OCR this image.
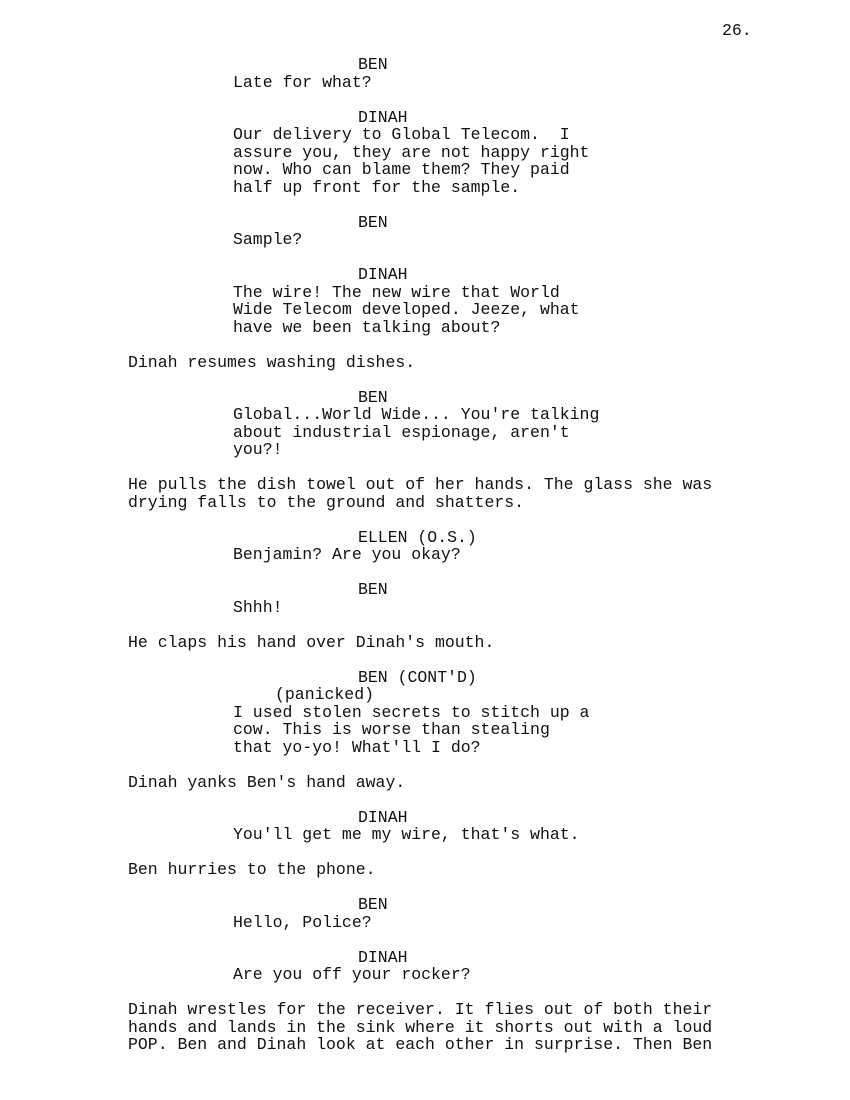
26.
BEN
Late for what?
DINAH
Our delivery to Global Telecom.  I
assure you, they are not happy right
now. Who can blame them? They paid
half up front for the sample.
BEN
Sample?
DINAH
The wire! The new wire that World
Wide Telecom developed. Jeeze, what
have we been talking about?
Dinah resumes washing dishes.
BEN
Global...World Wide... You're talking
about industrial espionage, aren't
you?!
He pulls the dish towel out of her hands. The glass she was
drying falls to the ground and shatters.
ELLEN (O.S.)
Benjamin? Are you okay?
BEN
Shhh!
He claps his hand over Dinah's mouth.
BEN (CONT'D)
(panicked)
I used stolen secrets to stitch up a
cow. This is worse than stealing
that yo-yo! What'll I do?
Dinah yanks Ben's hand away.
DINAH
You'll get me my wire, that's what.
Ben hurries to the phone.
BEN
Hello, Police?
DINAH
Are you off your rocker?
Dinah wrestles for the receiver. It flies out of both their
hands and lands in the sink where it shorts out with a loud
POP. Ben and Dinah look at each other in surprise. Then Ben
